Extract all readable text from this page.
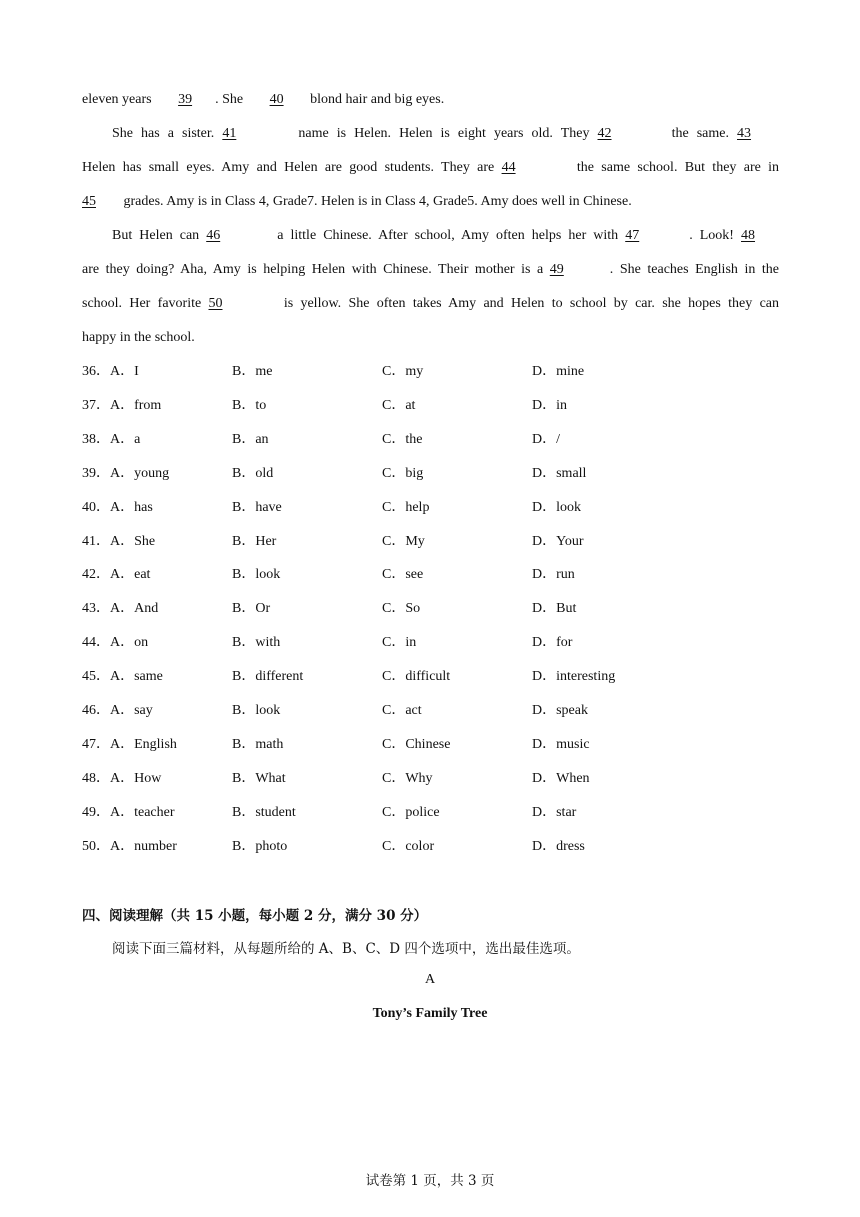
eleven years 39 . She 40 blond hair and big eyes.
She has a sister. 41	name is Helen. Helen is eight years old. They 42	the same. 43
Helen has small eyes. Amy and Helen are good students. They are 44	the same school. But they are in
45 grades. Amy is in Class 4, Grade7. Helen is in Class 4, Grade5. Amy does well in Chinese.
But Helen can 46	a little Chinese. After school, Amy often helps her with 47	. Look! 48
are they doing? Aha, Amy is helping Helen with Chinese. Their mother is a 49	. She teaches English in the
school. Her favorite 50	is yellow. She often takes Amy and Helen to school by car. she hopes they can
happy in the school.
36．A．I	B．me	C．my	D．mine
37．A．from	B．to	C．at	D．in
38．A．a	B．an	C．the	D．/
39．A．young	B．old	C．big	D．small
40．A．has	B．have	C．help	D．look
41．A．She	B．Her	C．My	D．Your
42．A．eat	B．look	C．see	D．run
43．A．And	B．Or	C．So	D．But
44．A．on	B．with	C．in	D．for
45．A．same	B．different	C．difficult	D．interesting
46．A．say	B．look	C．act	D．speak
47．A．English	B．math	C．Chinese	D．music
48．A．How	B．What	C．Why	D．When
49．A．teacher	B．student	C．police	D．star
50．A．number	B．photo	C．color	D．dress
四、阅读理解（共 15 小题，每小题 2 分，满分 30 分）
阅读下面三篇材料，从每题所给的 A、B、C、D 四个选项中，选出最佳选项。
A
Tony’s Family Tree
试卷第 1 页，共 3 页
